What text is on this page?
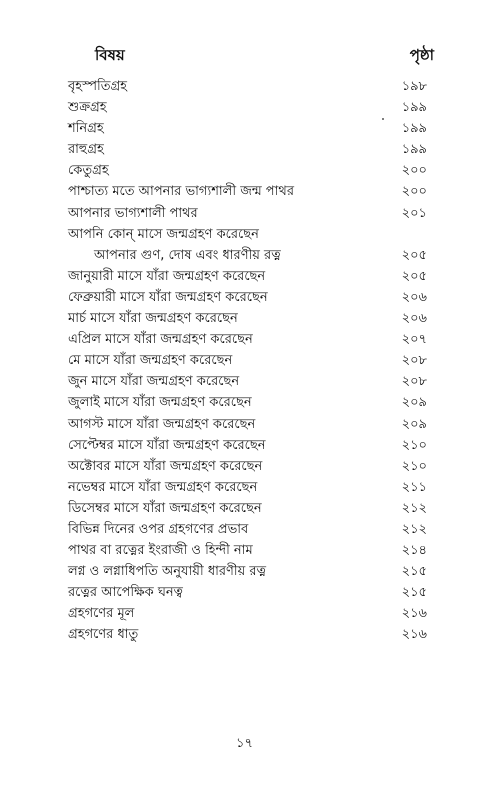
বিষয়	পৃষ্ঠা
বৃহস্পতিগ্রহ	১৯৮
শুক্রগ্রহ	১৯৯
শনিগ্রহ	১৯৯
রাহুগ্রহ	১৯৯
কেতুগ্রহ	২০০
পাশ্চাত্য মতে আপনার ভাগ্যশালী জন্ম পাথর	২০০
আপনার ভাগ্যশালী পাথর	২০১
আপনি কোন্ মাসে জন্মগ্রহণ করেছেন
আপনার গুণ, দোষ এবং ধারণীয় রত্ন	২০৫
জানুয়ারী মাসে যাঁরা জন্মগ্রহণ করেছেন	২০৫
ফেব্রুয়ারী মাসে যাঁরা জন্মগ্রহণ করেছেন	২০৬
মার্চ মাসে যাঁরা জন্মগ্রহণ করেছেন	২০৬
এপ্রিল মাসে যাঁরা জন্মগ্রহণ করেছেন	২০৭
মে মাসে যাঁরা জন্মগ্রহণ করেছেন	২০৮
জুন মাসে যাঁরা জন্মগ্রহণ করেছেন	২০৮
জুলাই মাসে যাঁরা জন্মগ্রহণ করেছেন	২০৯
আগস্ট মাসে যাঁরা জন্মগ্রহণ করেছেন	২০৯
সেপ্টেম্বর মাসে যাঁরা জন্মগ্রহণ করেছেন	২১০
অক্টোবর মাসে যাঁরা জন্মগ্রহণ করেছেন	২১০
নভেম্বর মাসে যাঁরা জন্মগ্রহণ করেছেন	২১১
ডিসেম্বর মাসে যাঁরা জন্মগ্রহণ করেছেন	২১২
বিভিন্ন দিনের ওপর গ্রহগণের প্রভাব	২১২
পাথর বা রত্নের ইংরাজী ও হিন্দী নাম	২১৪
লগ্ন ও লগ্নাধিপতি অনুযায়ী ধারণীয় রত্ন	২১৫
রত্নের আপেক্ষিক ঘনত্ব	২১৫
গ্রহগণের মূল	২১৬
গ্রহগণের ধাতু	২১৬
১৭
